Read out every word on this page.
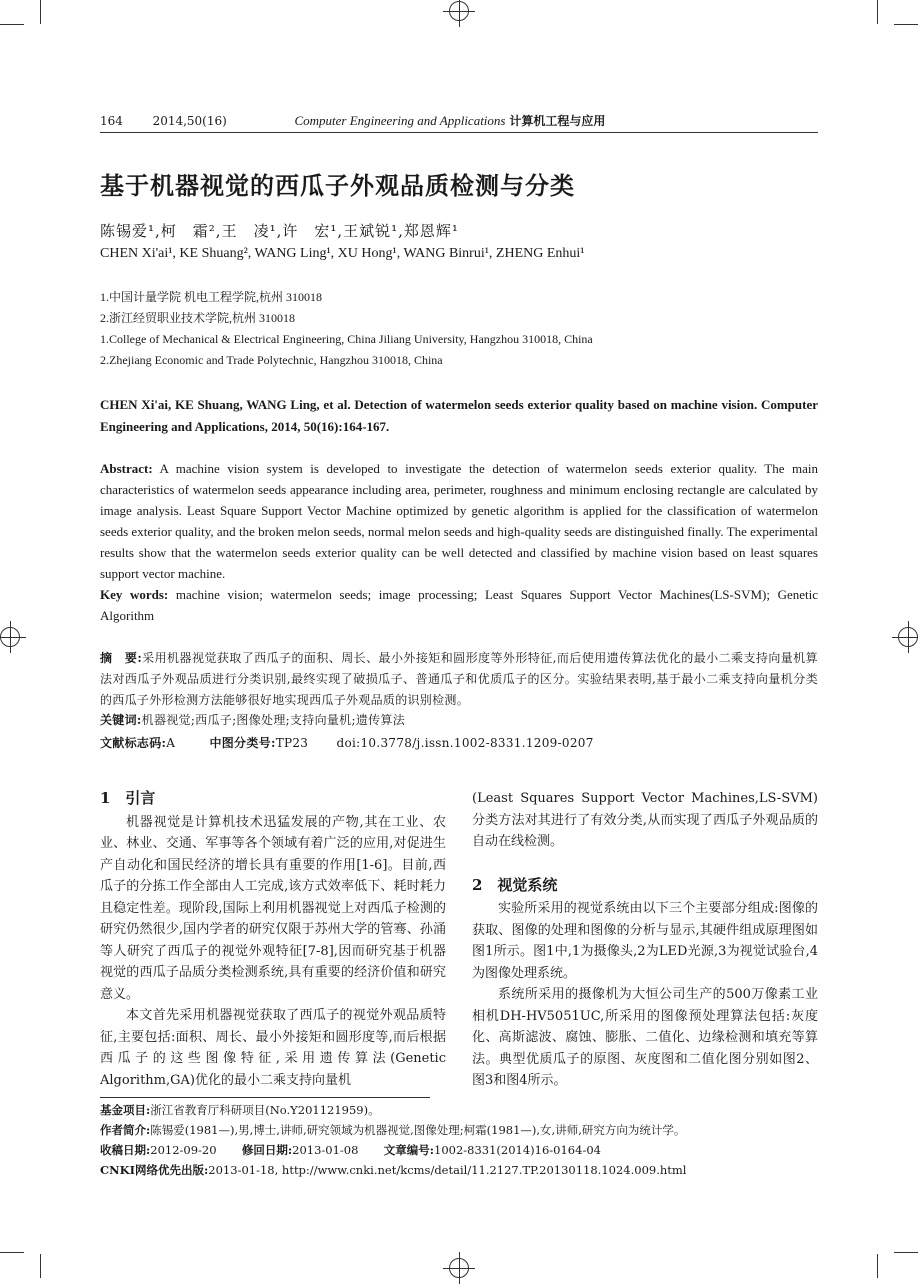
164 2014,50(16)	Computer Engineering and Applications 计算机工程与应用
基于机器视觉的西瓜子外观品质检测与分类
陈锡爱¹,柯　霜²,王　凌¹,许　宏¹,王斌锐¹,郑恩辉¹
CHEN Xi'ai¹, KE Shuang², WANG Ling¹, XU Hong¹, WANG Binrui¹, ZHENG Enhui¹
1.中国计量学院 机电工程学院,杭州 310018
2.浙江经贸职业技术学院,杭州 310018
1.College of Mechanical & Electrical Engineering, China Jiliang University, Hangzhou 310018, China
2.Zhejiang Economic and Trade Polytechnic, Hangzhou 310018, China
CHEN Xi'ai, KE Shuang, WANG Ling, et al. Detection of watermelon seeds exterior quality based on machine vision. Computer Engineering and Applications, 2014, 50(16):164-167.
Abstract: A machine vision system is developed to investigate the detection of watermelon seeds exterior quality. The main characteristics of watermelon seeds appearance including area, perimeter, roughness and minimum enclosing rectangle are calculated by image analysis. Least Square Support Vector Machine optimized by genetic algorithm is applied for the classification of watermelon seeds exterior quality, and the broken melon seeds, normal melon seeds and high-quality seeds are distinguished finally. The experimental results show that the watermelon seeds exterior quality can be well detected and classified by machine vision based on least squares support vector machine.
Key words: machine vision; watermelon seeds; image processing; Least Squares Support Vector Machines(LS-SVM); Genetic Algorithm
摘　要:采用机器视觉获取了西瓜子的面积、周长、最小外接矩和圆形度等外形特征,而后使用遗传算法优化的最小二乘支持向量机算法对西瓜子外观品质进行分类识别,最终实现了破损瓜子、普通瓜子和优质瓜子的区分。实验结果表明,基于最小二乘支持向量机分类的西瓜子外形检测方法能够很好地实现西瓜子外观品质的识别检测。
关键词:机器视觉;西瓜子;图像处理;支持向量机;遗传算法
文献标志码:A	中图分类号:TP23 doi:10.3778/j.issn.1002-8331.1209-0207
1　引言
机器视觉是计算机技术迅猛发展的产物,其在工业、农业、林业、交通、军事等各个领域有着广泛的应用,对促进生产自动化和国民经济的增长具有重要的作用[1-6]。目前,西瓜子的分拣工作全部由人工完成,该方式效率低下、耗时耗力且稳定性差。现阶段,国际上利用机器视觉上对西瓜子检测的研究仍然很少,国内学者的研究仅限于苏州大学的管骞、孙涌等人研究了西瓜子的视觉外观特征[7-8],因而研究基于机器视觉的西瓜子品质分类检测系统,具有重要的经济价值和研究意义。
本文首先采用机器视觉获取了西瓜子的视觉外观品质特征,主要包括:面积、周长、最小外接矩和圆形度等,而后根据西瓜子的这些图像特征,采用遗传算法(Genetic Algorithm,GA)优化的最小二乘支持向量机
(Least Squares Support Vector Machines,LS-SVM)分类方法对其进行了有效分类,从而实现了西瓜子外观品质的自动在线检测。
2　视觉系统
实验所采用的视觉系统由以下三个主要部分组成:图像的获取、图像的处理和图像的分析与显示,其硬件组成原理图如图1所示。图1中,1为摄像头,2为LED光源,3为视觉试验台,4为图像处理系统。
系统所采用的摄像机为大恒公司生产的500万像素工业相机DH-HV5051UC,所采用的图像预处理算法包括:灰度化、高斯滤波、腐蚀、膨胀、二值化、边缘检测和填充等算法。典型优质瓜子的原图、灰度图和二值化图分别如图2、图3和图4所示。
基金项目:浙江省教育厅科研项目(No.Y201121959)。
作者简介:陈锡爱(1981—),男,博士,讲师,研究领域为机器视觉,图像处理;柯霜(1981—),女,讲师,研究方向为统计学。
收稿日期:2012-09-20 修回日期:2013-01-08 文章编号:1002-8331(2014)16-0164-04
CNKI网络优先出版:2013-01-18, http://www.cnki.net/kcms/detail/11.2127.TP.20130118.1024.009.html
